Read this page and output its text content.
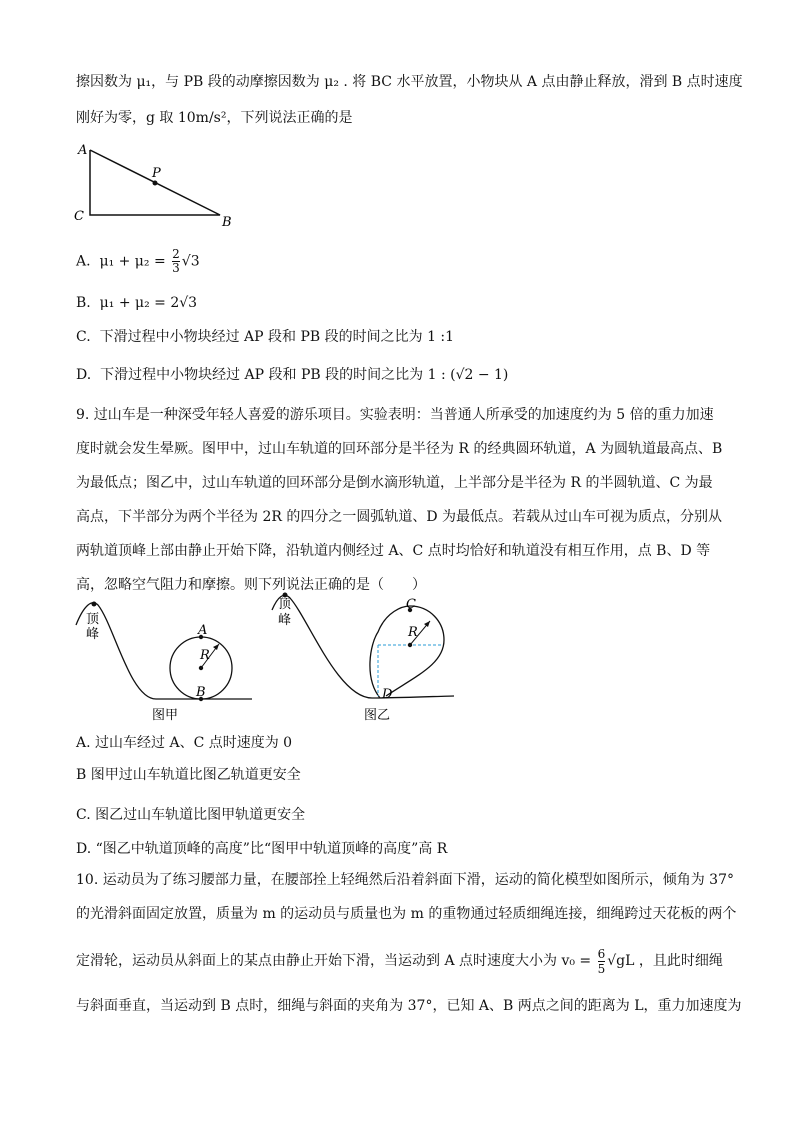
擦因数为 μ₁，与 PB 段的动摩擦因数为 μ₂ . 将 BC 水平放置，小物块从 A 点由静止释放，滑到 B 点时速度

刚好为零，g 取 10m/s²，下列说法正确的是

A
P
C	B
A. $\mu_1 + \mu_2 = \frac{2}{3} √3$
B. μ₁ + μ₂ = 2√3
C. 下滑过程中小物块经过 AP 段和 PB 段的时间之比为 1 :1
D. 下滑过程中小物块经过 AP 段和 PB 段的时间之比为 1 : (√2 − 1)

9. 过山车是一种深受年轻人喜爱的游乐项目。实验表明：当普通人所承受的加速度约为 5 倍的重力加速度时就会发生晕厥。图甲中，过山车轨道的回环部分是半径为 R 的经典圆环轨道，A 为圆轨道最高点、B 为最低点；图乙中，过山车轨道的回环部分是倒水滴形轨道，上半部分是半径为 R 的半圆轨道、C 为最高点，下半部分为两个半径为 2R 的四分之一圆弧轨道、D 为最低点。若载从过山车可视为质点，分别从两轨道顶峰上部由静止开始下降，沿轨道内侧经过 A、C 点时均恰好和轨道没有相互作用，点 B、D 等高，忽略空气阻力和摩擦。则下列说法正确的是（　　）

顶
峰	A
R
B
图甲
顶
峰
C
R
D
图乙
A. 过山车经过 A、C 点时速度为 0
B 图甲过山车轨道比图乙轨道更安全
C. 图乙过山车轨道比图甲轨道更安全
D. “图乙中轨道顶峰的高度”比“图甲中轨道顶峰的高度”高 R

10. 运动员为了练习腰部力量，在腰部拴上轻绳然后沿着斜面下滑，运动的简化模型如图所示，倾角为 37°

的光滑斜面固定放置，质量为 m 的运动员与质量也为 m 的重物通过轻质细绳连接，细绳跨过天花板的两个

定滑轮，运动员从斜面上的某点由静止开始下滑，当运动到 A 点时速度大小为 $v_0 = \frac{6}{5} √gL$ ，且此时细绳

与斜面垂直，当运动到 B 点时，细绳与斜面的夹角为 37°，已知 A、B 两点之间的距离为 L，重力加速度为
